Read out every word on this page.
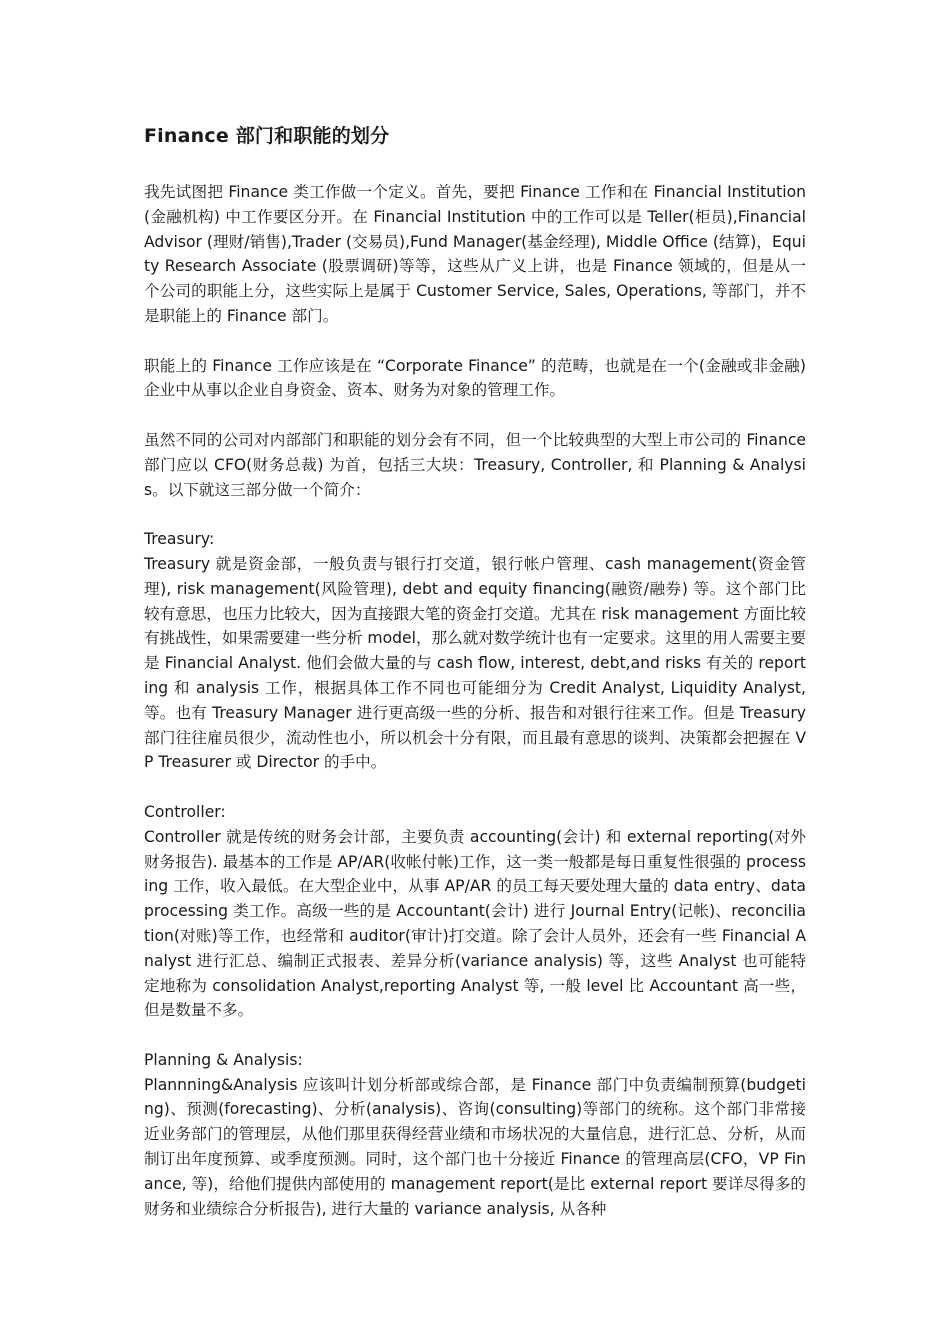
Finance 部门和职能的划分

我先试图把 Finance 类工作做一个定义。首先，要把 Finance 工作和在 Financial Institution(金融机构) 中工作要区分开。在 Financial Institution 中的工作可以是 Teller(柜员),Financial Advisor (理财/销售),Trader (交易员),Fund Manager(基金经理), Middle Office (结算)，Equity Research Associate (股票调研)等等，这些从广义上讲，也是 Finance 领域的，但是从一个公司的职能上分，这些实际上是属于 Customer Service, Sales, Operations, 等部门，并不是职能上的 Finance 部门。

职能上的 Finance 工作应该是在 “Corporate Finance” 的范畴，也就是在一个(金融或非金融)企业中从事以企业自身资金、资本、财务为对象的管理工作。

虽然不同的公司对内部部门和职能的划分会有不同，但一个比较典型的大型上市公司的 Finance 部门应以 CFO(财务总裁) 为首，包括三大块：Treasury, Controller, 和 Planning & Analysis。以下就这三部分做一个简介：

Treasury:

Treasury 就是资金部，一般负责与银行打交道，银行帐户管理、cash management(资金管理), risk management(风险管理), debt and equity financing(融资/融券) 等。这个部门比较有意思，也压力比较大，因为直接跟大笔的资金打交道。尤其在 risk management 方面比较有挑战性，如果需要建一些分析 model，那么就对数学统计也有一定要求。这里的用人需要主要是 Financial Analyst. 他们会做大量的与 cash flow, interest, debt,and risks 有关的 reporting 和 analysis 工作，根据具体工作不同也可能细分为 Credit Analyst, Liquidity Analyst,等。也有 Treasury Manager 进行更高级一些的分析、报告和对银行往来工作。但是 Treasury 部门往往雇员很少，流动性也小，所以机会十分有限，而且最有意思的谈判、决策都会把握在 VP Treasurer 或 Director 的手中。

Controller:

Controller 就是传统的财务会计部，主要负责 accounting(会计) 和 external reporting(对外财务报告). 最基本的工作是 AP/AR(收帐付帐)工作，这一类一般都是每日重复性很强的 processing 工作，收入最低。在大型企业中，从事 AP/AR 的员工每天要处理大量的 data entry、data processing 类工作。高级一些的是 Accountant(会计) 进行 Journal Entry(记帐)、reconciliation(对账)等工作，也经常和 auditor(审计)打交道。除了会计人员外，还会有一些 Financial Analyst 进行汇总、编制正式报表、差异分析(variance analysis) 等，这些 Analyst 也可能特定地称为 consolidation Analyst,reporting Analyst 等, 一般 level 比 Accountant 高一些，但是数量不多。

Planning & Analysis:

Plannning&Analysis 应该叫计划分析部或综合部，是 Finance 部门中负责编制预算(budgeting)、预测(forecasting)、分析(analysis)、咨询(consulting)等部门的统称。这个部门非常接近业务部门的管理层，从他们那里获得经营业绩和市场状况的大量信息，进行汇总、分析，从而制订出年度预算、或季度预测。同时，这个部门也十分接近 Finance 的管理高层(CFO，VP Finance, 等)，给他们提供内部使用的 management report(是比 external report 要详尽得多的财务和业绩综合分析报告), 进行大量的 variance analysis, 从各种
